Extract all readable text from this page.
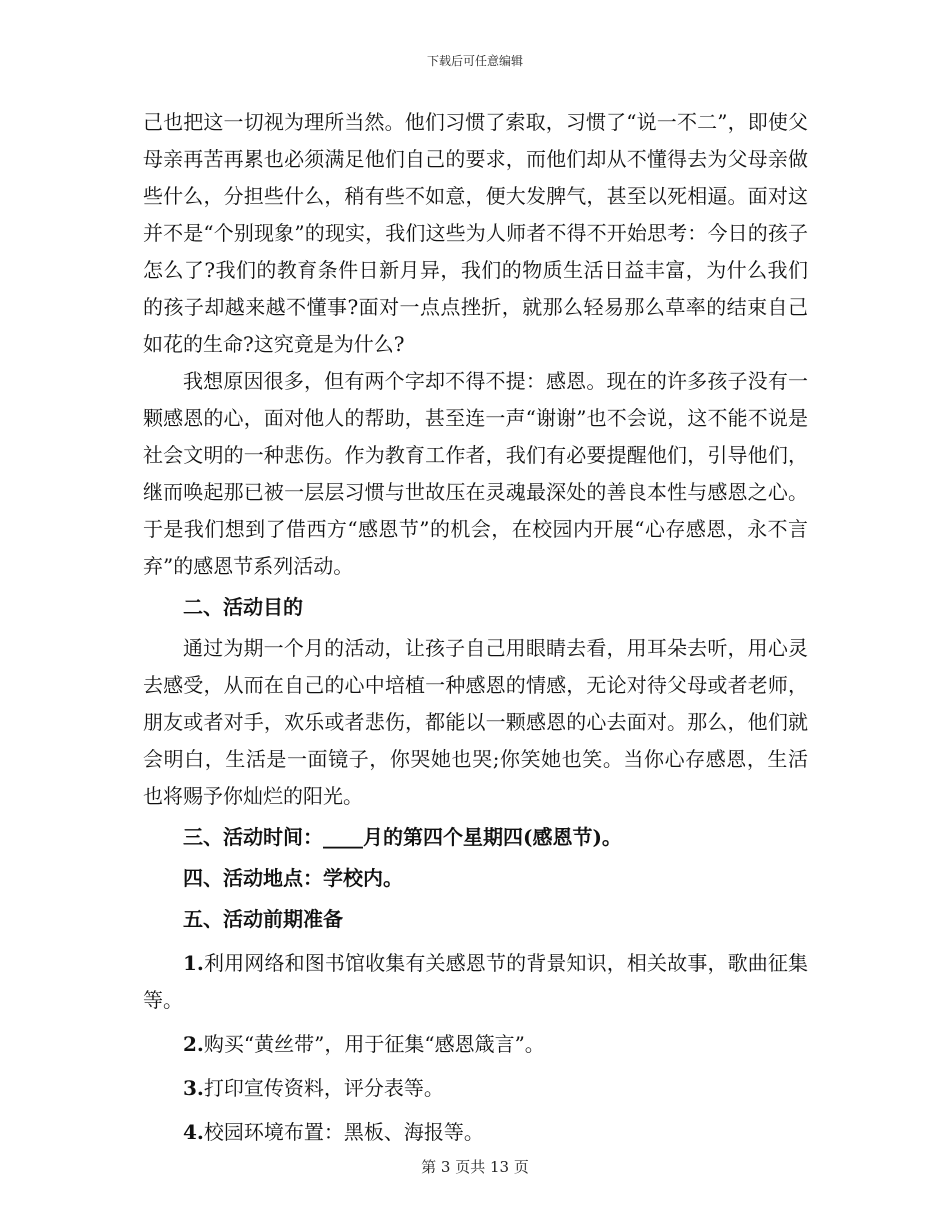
下载后可任意编辑

己也把这一切视为理所当然。他们习惯了索取，习惯了“说一不二”，即使父母亲再苦再累也必须满足他们自己的要求，而他们却从不懂得去为父母亲做些什么，分担些什么，稍有些不如意，便大发脾气，甚至以死相逼。面对这并不是“个别现象”的现实，我们这些为人师者不得不开始思考：今日的孩子怎么了?我们的教育条件日新月异，我们的物质生活日益丰富，为什么我们的孩子却越来越不懂事?面对一点点挫折，就那么轻易那么草率的结束自己如花的生命?这究竟是为什么?

我想原因很多，但有两个字却不得不提：感恩。现在的许多孩子没有一颗感恩的心，面对他人的帮助，甚至连一声“谢谢”也不会说，这不能不说是社会文明的一种悲伤。作为教育工作者，我们有必要提醒他们，引导他们，继而唤起那已被一层层习惯与世故压在灵魂最深处的善良本性与感恩之心。于是我们想到了借西方“感恩节”的机会，在校园内开展“心存感恩，永不言弃”的感恩节系列活动。

二、活动目的

通过为期一个月的活动，让孩子自己用眼睛去看，用耳朵去听，用心灵去感受，从而在自己的心中培植一种感恩的情感，无论对待父母或者老师，朋友或者对手，欢乐或者悲伤，都能以一颗感恩的心去面对。那么，他们就会明白，生活是一面镜子，你哭她也哭;你笑她也笑。当你心存感恩，生活也将赐予你灿烂的阳光。

三、活动时间：____月的第四个星期四(感恩节)。

四、活动地点：学校内。

五、活动前期准备

1.利用网络和图书馆收集有关感恩节的背景知识，相关故事，歌曲征集等。

2.购买“黄丝带”，用于征集“感恩箴言”。

3.打印宣传资料，评分表等。

4.校园环境布置：黑板、海报等。

第 3 页共 13 页
